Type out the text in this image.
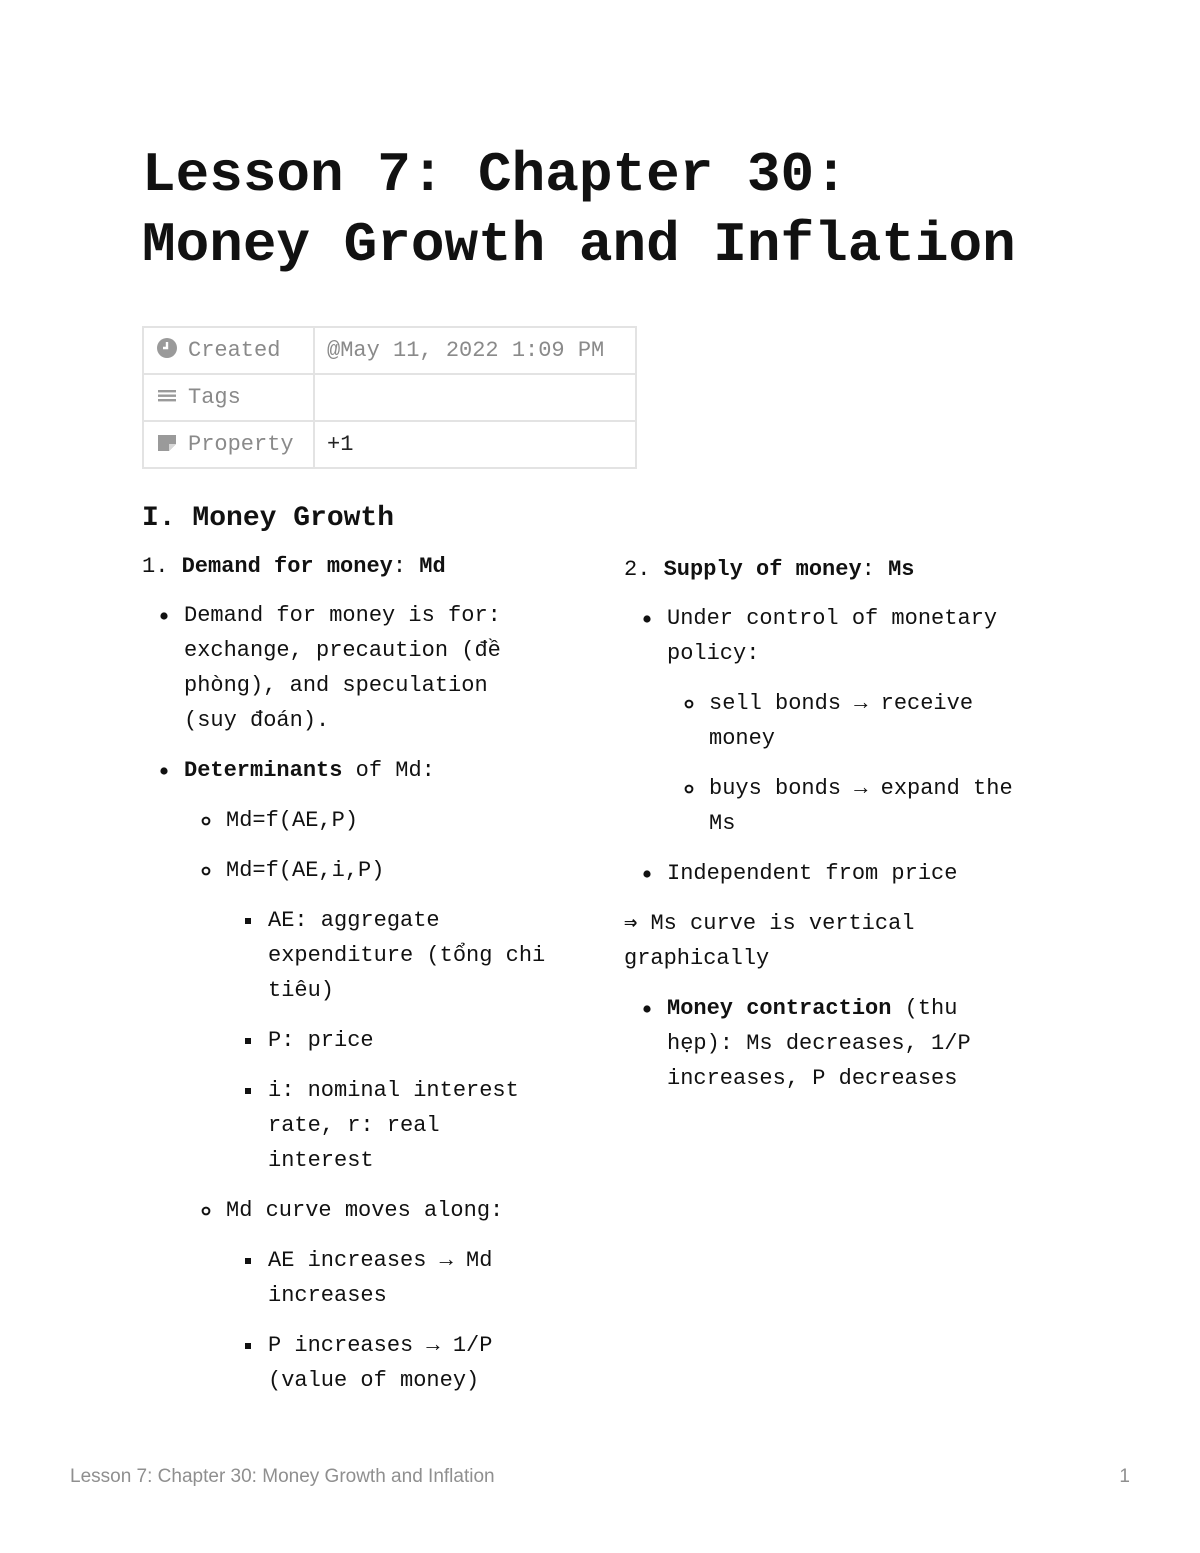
Lesson 7: Chapter 30:
Money Growth and Inflation
Created	@May 11, 2022 1:09 PM

Tags	

Property	+1
I. Money Growth
1. Demand for money: Md
Demand for money is for:
exchange, precaution (đề
phòng), and speculation
(suy đoán).
Determinants of Md:
Md=f(AE,P)
Md=f(AE,i,P)
AE: aggregate
expenditure (tổng chi
tiêu)
P: price
i: nominal interest
rate, r: real
interest
Md curve moves along:
AE increases → Md
increases
P increases → 1/P
(value of money)
2. Supply of money: Ms
Under control of monetary
policy:
sell bonds → receive
money
buys bonds → expand the
Ms
Independent from price
⇒ Ms curve is vertical
graphically
Money contraction (thu
hẹp): Ms decreases, 1/P
increases, P decreases
Lesson 7: Chapter 30: Money Growth and Inflation	1
